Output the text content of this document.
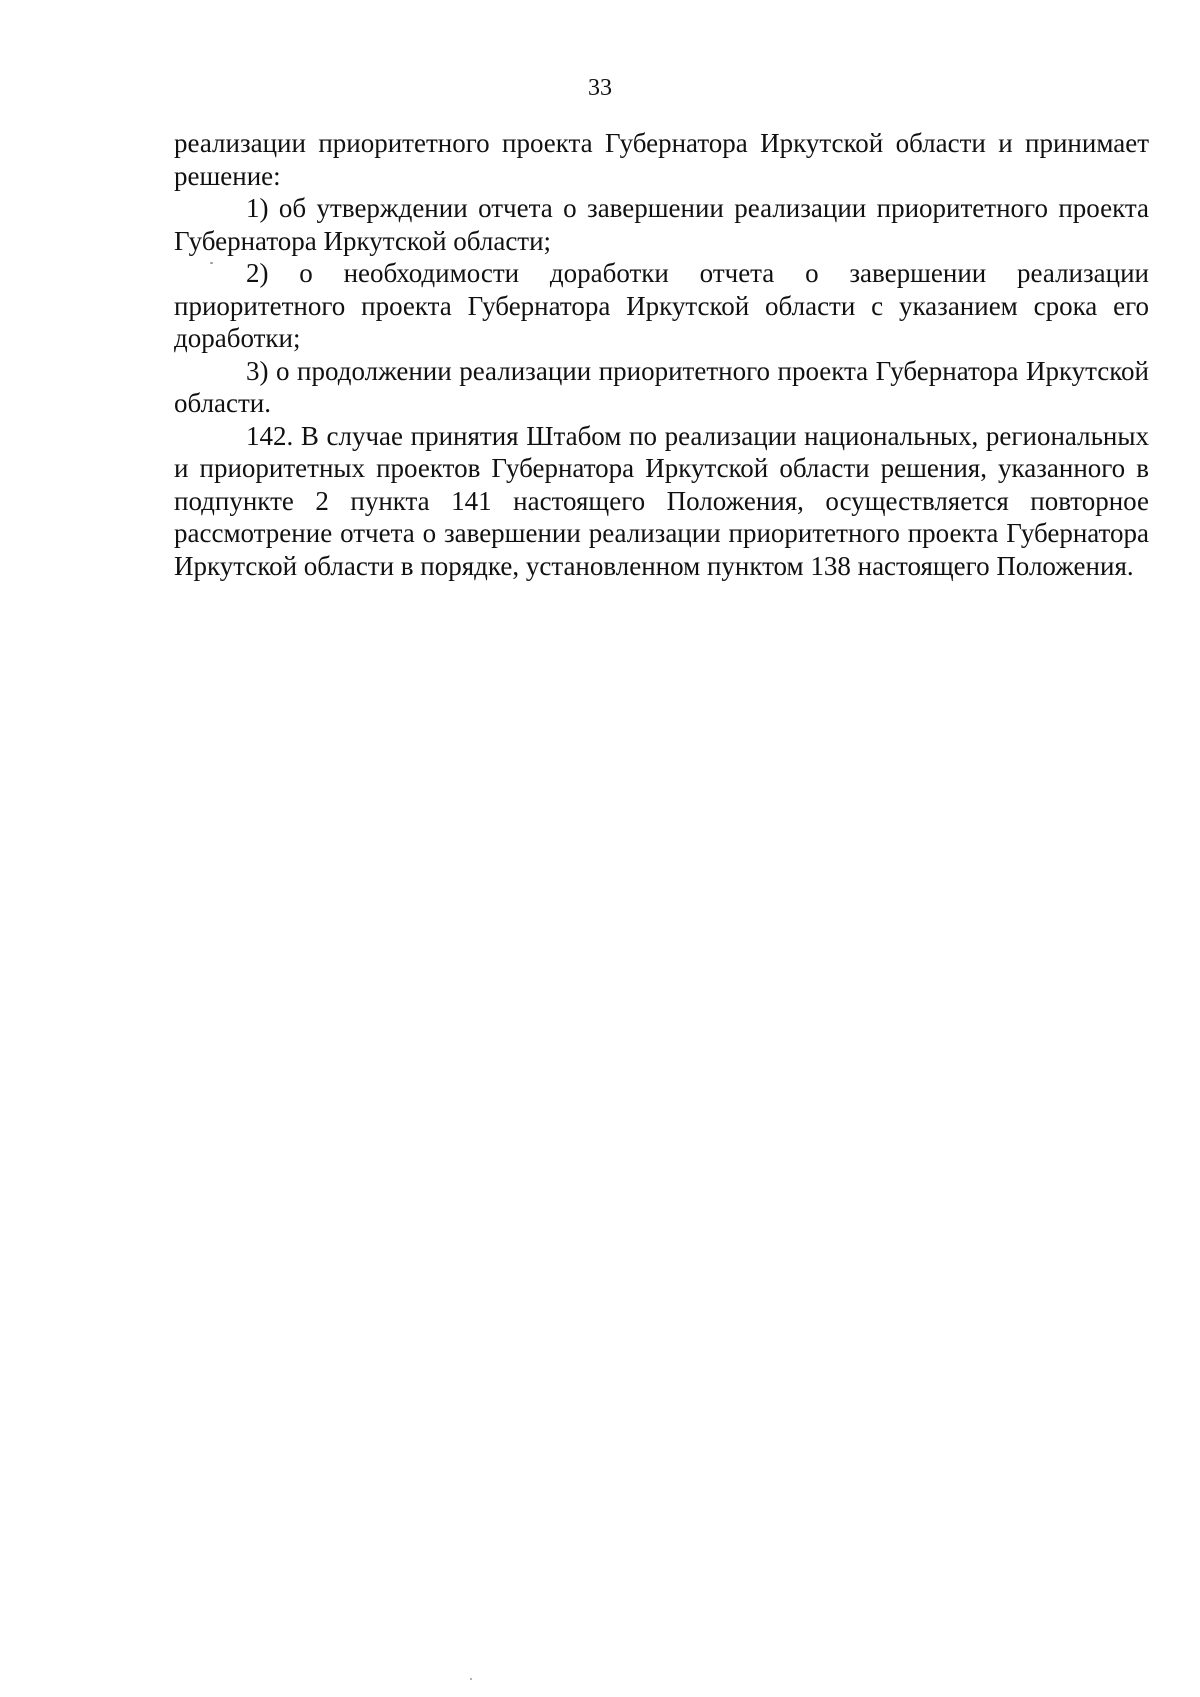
33

реализации приоритетного проекта Губернатора Иркутской области и принимает решение:

1) об утверждении отчета о завершении реализации приоритетного проекта Губернатора Иркутской области;

2) о необходимости доработки отчета о завершении реализации приоритетного проекта Губернатора Иркутской области с указанием срока его доработки;

3) о продолжении реализации приоритетного проекта Губернатора Иркутской области.

142. В случае принятия Штабом по реализации национальных, региональных и приоритетных проектов Губернатора Иркутской области решения, указанного в подпункте 2 пункта 141 настоящего Положения, осуществляется повторное рассмотрение отчета о завершении реализации приоритетного проекта Губернатора Иркутской области в порядке, установленном пунктом 138 настоящего Положения.
